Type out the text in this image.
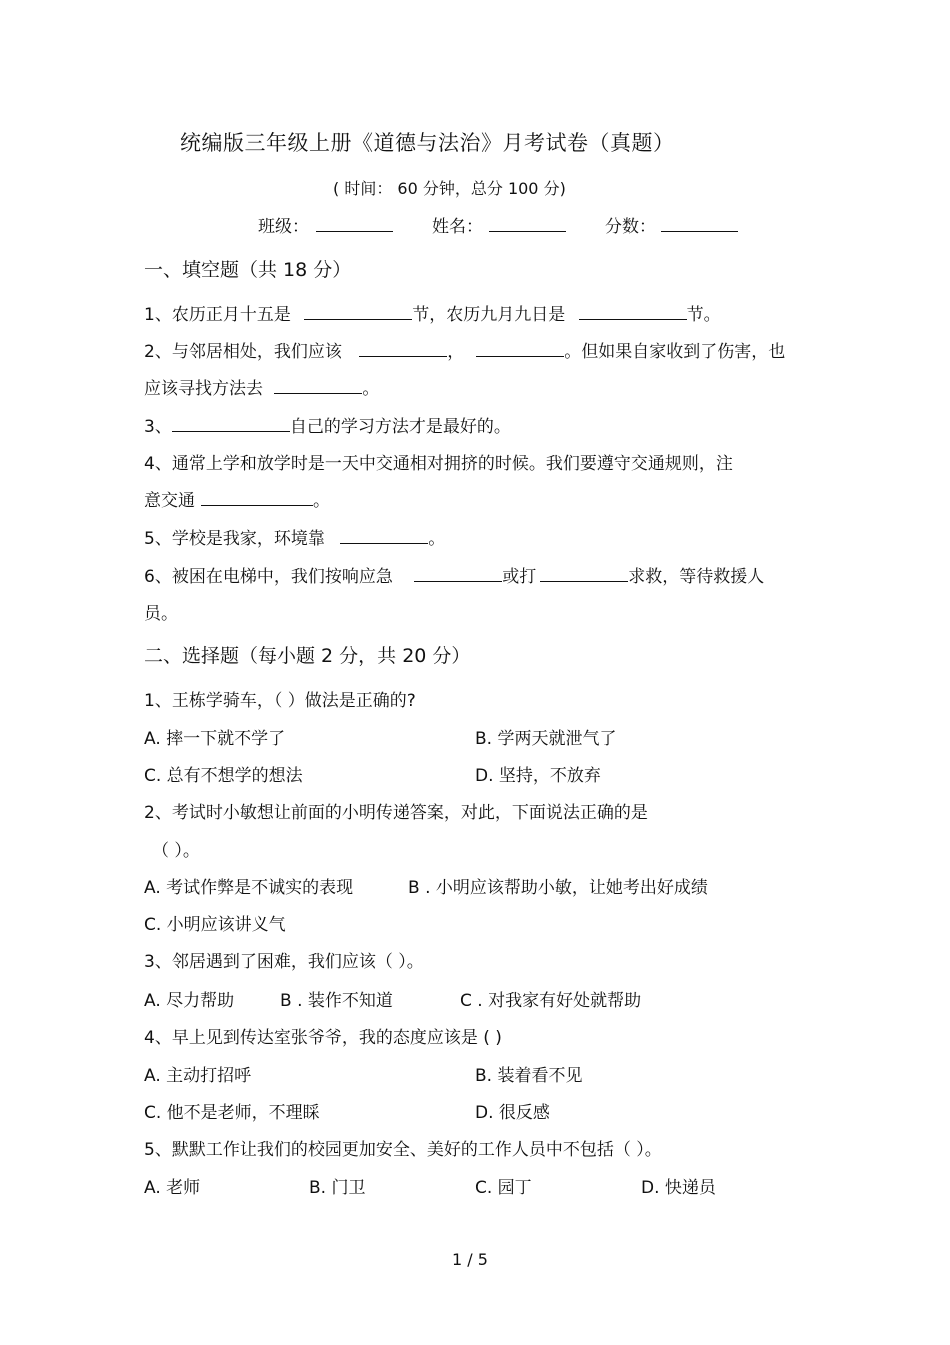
统编版三年级上册《道德与法治》月考试卷（真题）
( 时间： 60 分钟，总分 100 分)
班级：	姓名：	分数：
一、填空题（共 18 分）
1、农历正月十五是	节，农历九月九日是	节。
2、与邻居相处，我们应该	，	。但如果自家收到了伤害，也
应该寻找方法去	。
3、	自己的学习方法才是最好的。
4、通常上学和放学时是一天中交通相对拥挤的时候。我们要遵守交通规则，注
意交通	。
5、学校是我家，环境靠	。
6、被困在电梯中，我们按响应急	或打	求救，等待救援人
员。
二、选择题（每小题 2 分，共 20 分）
1、王栋学骑车，（ ）做法是正确的?
A. 摔一下就不学了	B. 学两天就泄气了
C. 总有不想学的想法	D. 坚持，不放弃
2、考试时小敏想让前面的小明传递答案，对此，下面说法正确的是
（ ）。
A. 考试作弊是不诚实的表现	B . 小明应该帮助小敏，让她考出好成绩
C. 小明应该讲义气
3、邻居遇到了困难，我们应该（ ）。
A. 尽力帮助	B . 装作不知道	C . 对我家有好处就帮助
4、早上见到传达室张爷爷，我的态度应该是 ( )
A. 主动打招呼	B. 装着看不见
C. 他不是老师，不理睬	D. 很反感
5、默默工作让我们的校园更加安全、美好的工作人员中不包括（ ）。
A. 老师	B. 门卫	C. 园丁	D. 快递员
1 / 5
